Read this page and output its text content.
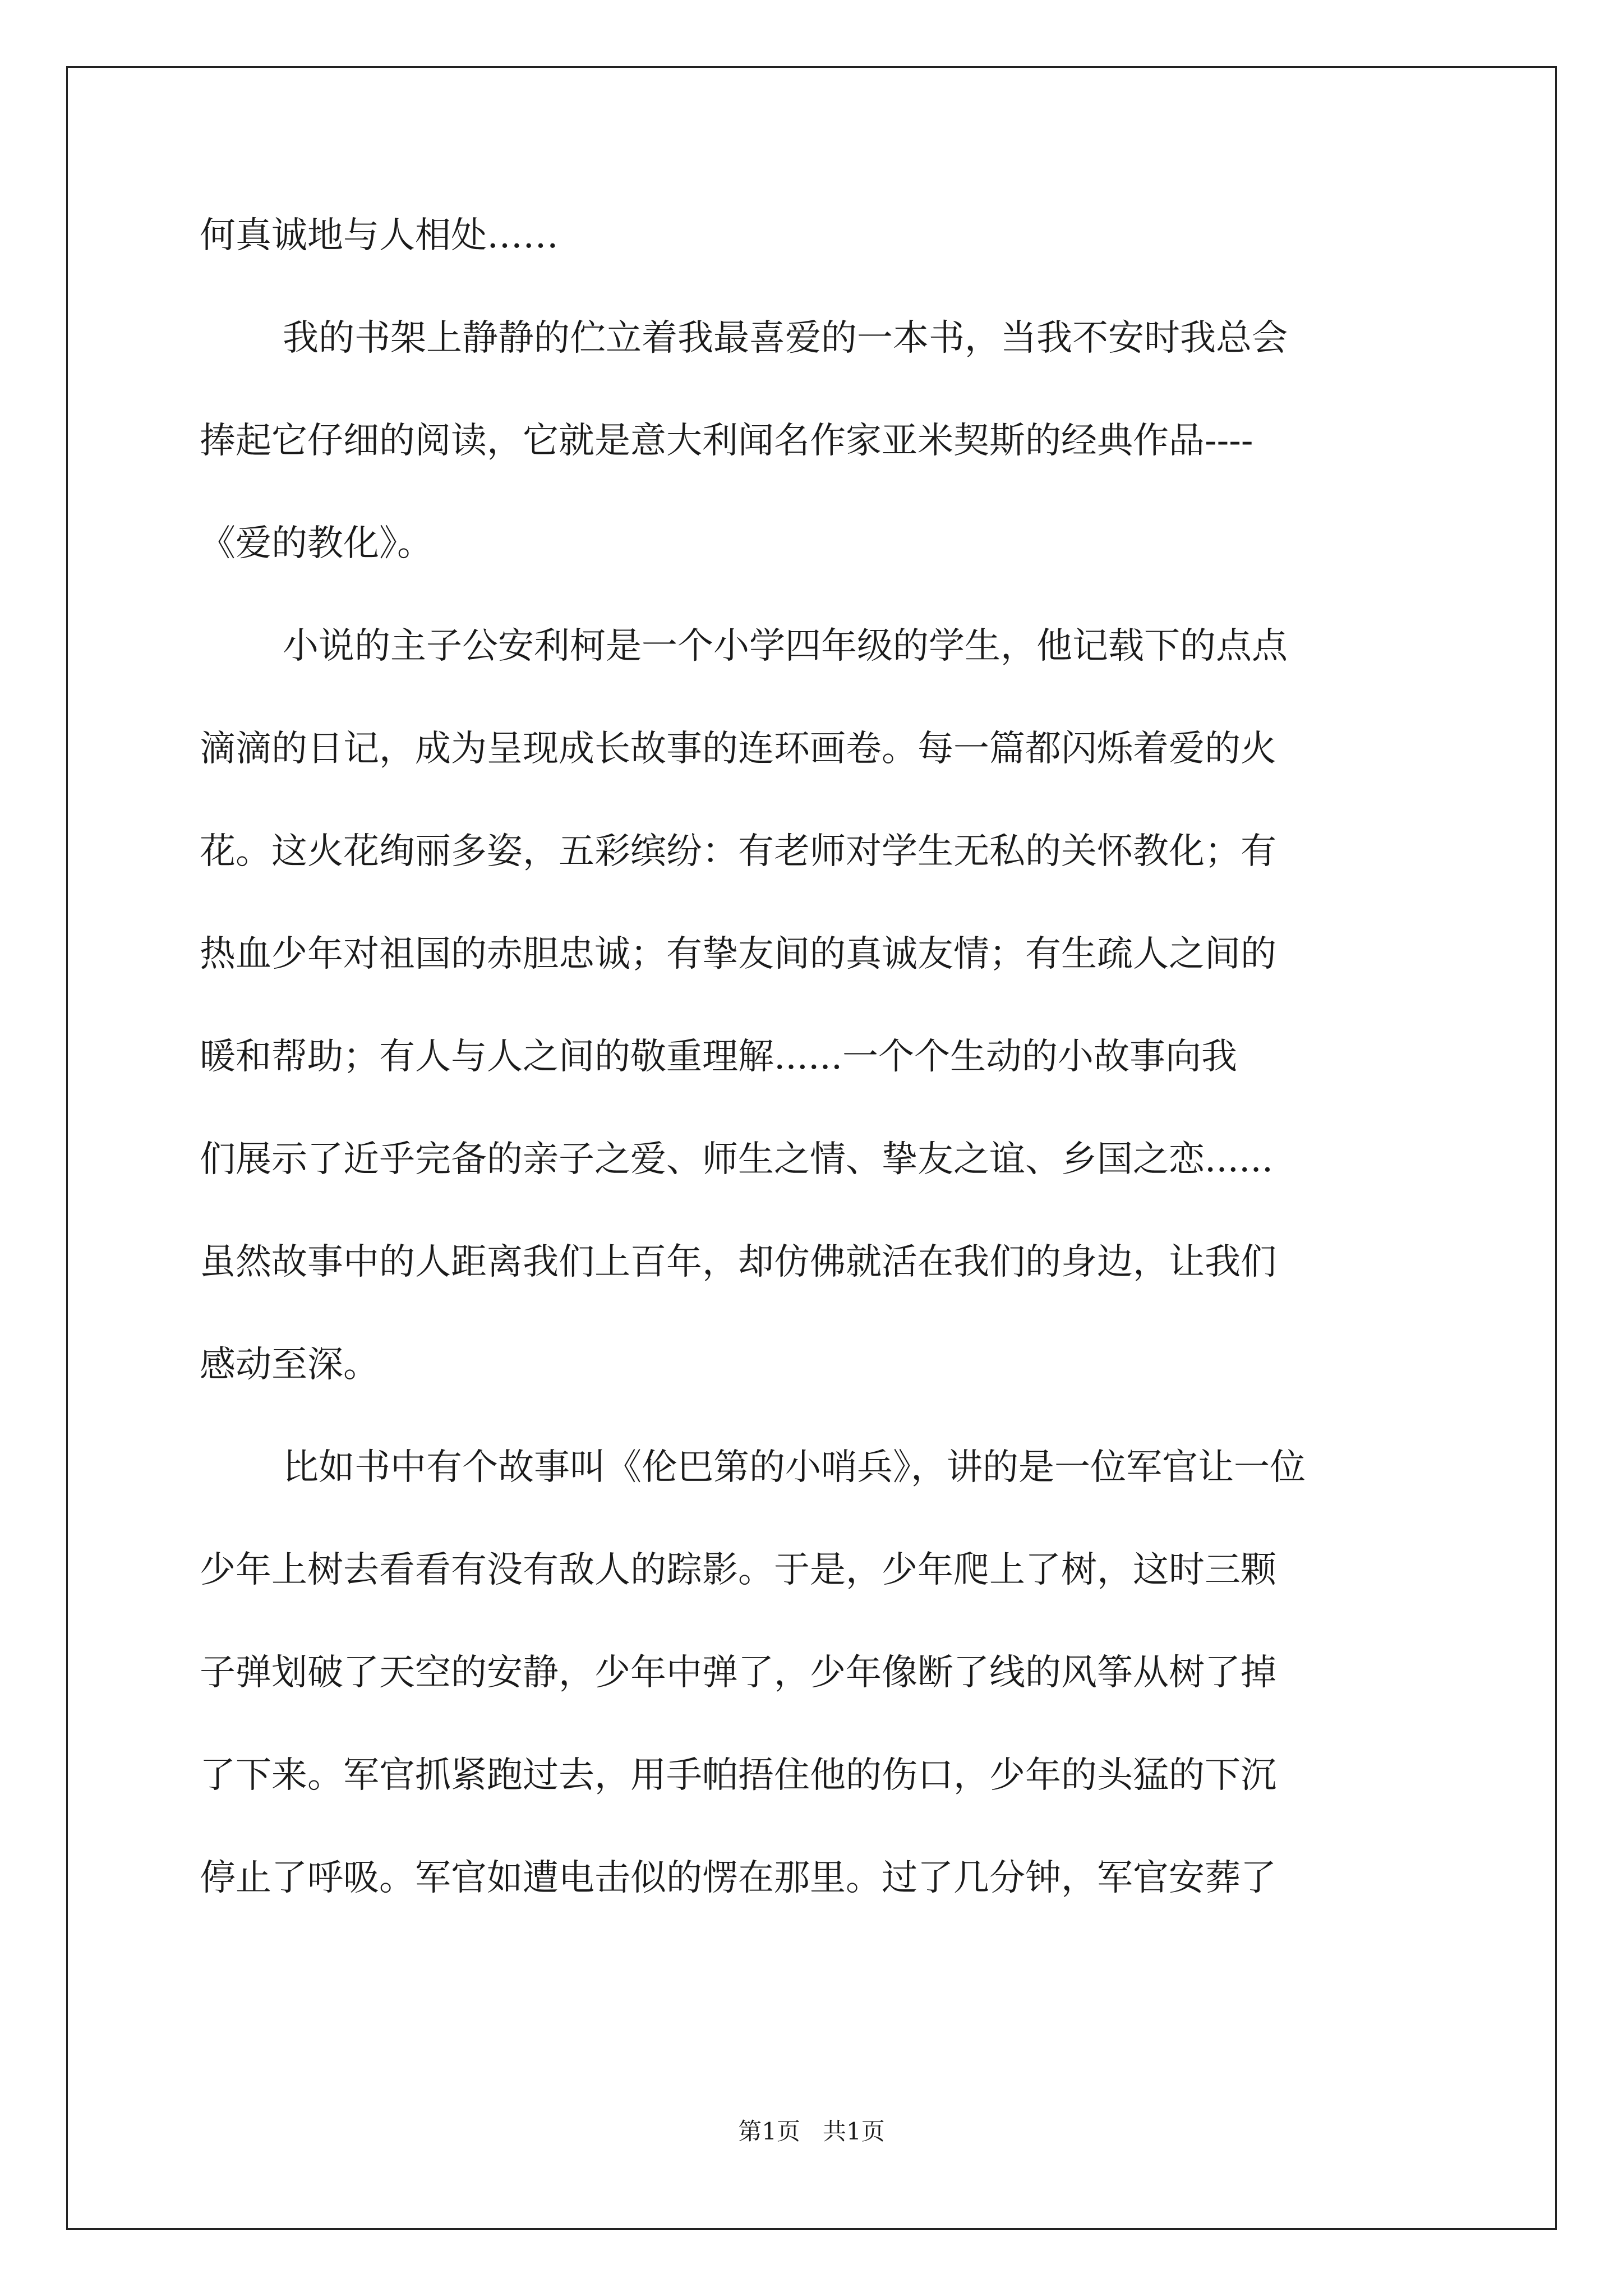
何真诚地与人相处……
我的书架上静静的伫立着我最喜爱的一本书，当我不安时我总会
捧起它仔细的阅读，它就是意大利闻名作家亚米契斯的经典作品----
《爱的教化》。
小说的主子公安利柯是一个小学四年级的学生，他记载下的点点
滴滴的日记，成为呈现成长故事的连环画卷。每一篇都闪烁着爱的火
花。这火花绚丽多姿，五彩缤纷：有老师对学生无私的关怀教化；有
热血少年对祖国的赤胆忠诚；有挚友间的真诚友情；有生疏人之间的
暖和帮助；有人与人之间的敬重理解......一个个生动的小故事向我
们展示了近乎完备的亲子之爱、师生之情、挚友之谊、乡国之恋......
虽然故事中的人距离我们上百年，却仿佛就活在我们的身边，让我们
感动至深。
比如书中有个故事叫《伦巴第的小哨兵》，讲的是一位军官让一位
少年上树去看看有没有敌人的踪影。于是，少年爬上了树，这时三颗
子弹划破了天空的安静，少年中弹了，少年像断了线的风筝从树了掉
了下来。军官抓紧跑过去，用手帕捂住他的伤口，少年的头猛的下沉
停止了呼吸。军官如遭电击似的愣在那里。过了几分钟，军官安葬了
第1页 共1页
